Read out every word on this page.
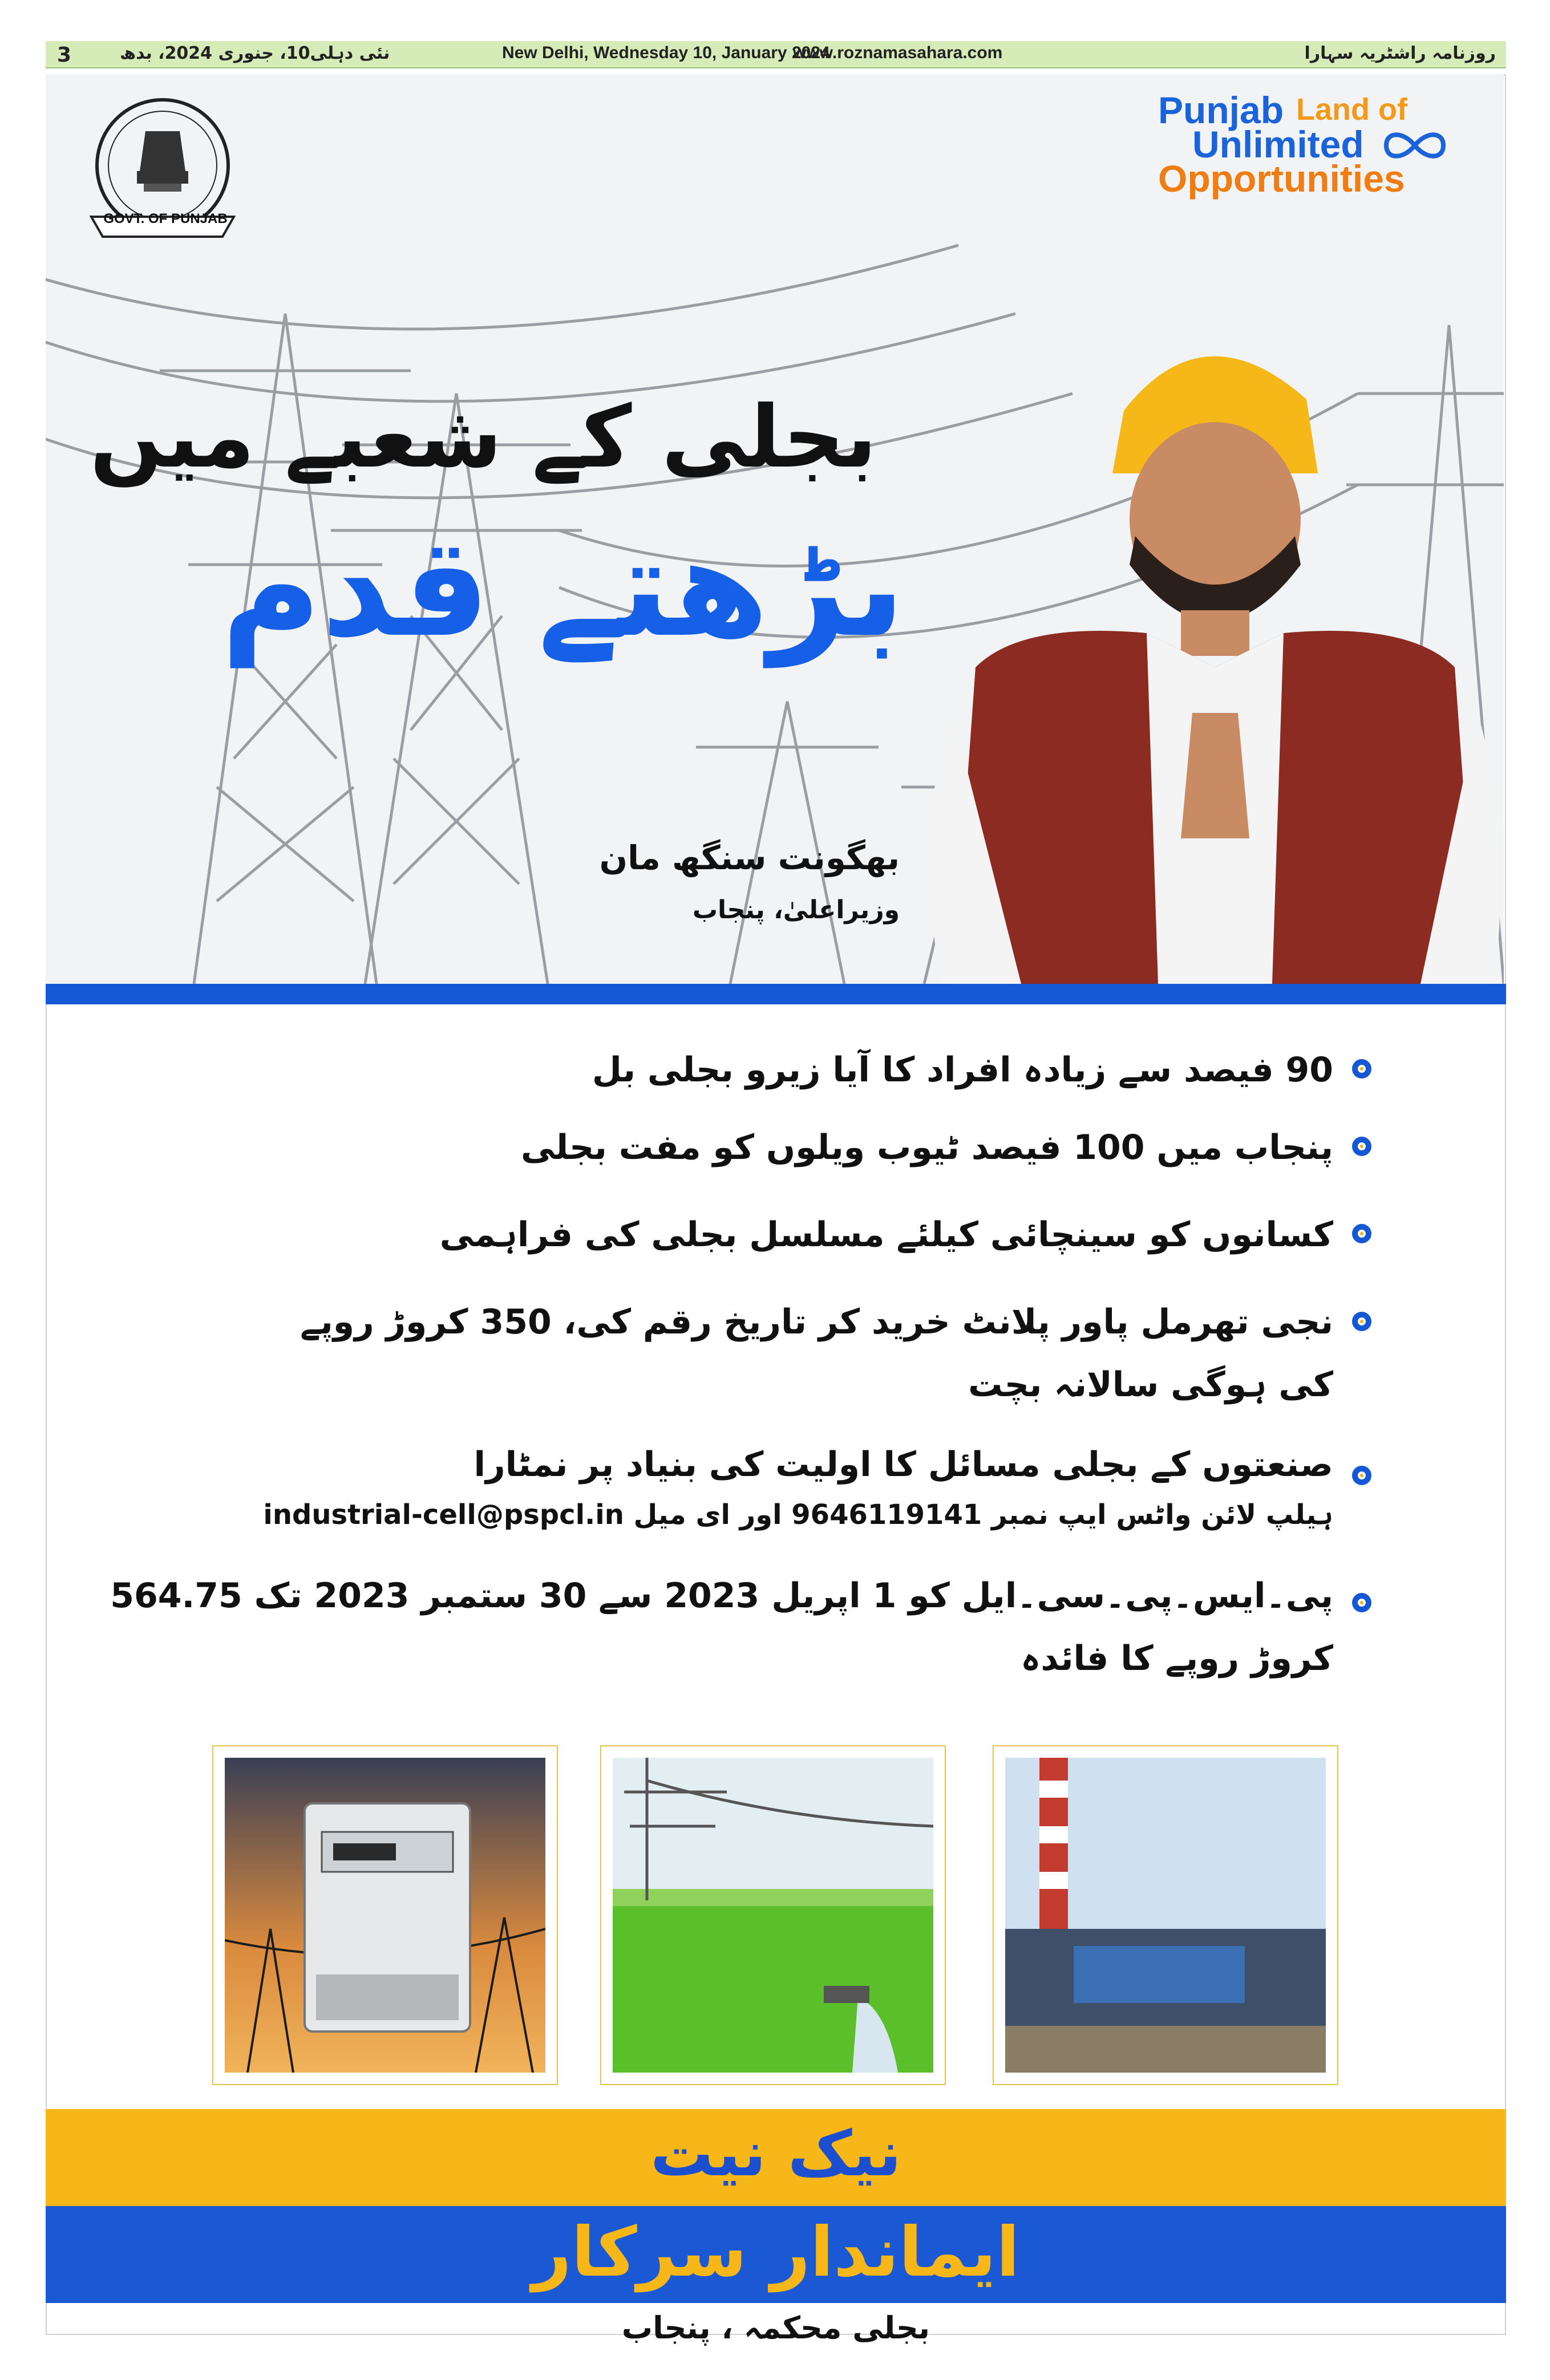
3	نئی دہلی10، جنوری 2024، بدھ	New Delhi, Wednesday 10, January 2024
www.roznamasahara.com	روزنامہ راشٹریہ سہارا
GOVT. OF PUNJAB
Punjab Land of
Unlimited
Opportunities
بجلی کے شعبے میں
بڑھتے قدم
بھگونت سنگھ مان
وزیراعلیٰ، پنجاب
90 فیصد سے زیادہ افراد کا آیا زیرو بجلی بل
پنجاب میں 100 فیصد ٹیوب ویلوں کو مفت بجلی
کسانوں کو سینچائی کیلئے مسلسل بجلی کی فراہمی
نجی تھرمل پاور پلانٹ خرید کر تاریخ رقم کی، 350 کروڑ روپے
کی ہوگی سالانہ بچت
صنعتوں کے بجلی مسائل کا اولیت کی بنیاد پر نمٹارا
ہیلپ لائن واٹس ایپ نمبر 9646119141 اور ای میل industrial-cell@pspcl.in
پی۔ایس۔پی۔سی۔ایل کو 1 اپریل 2023 سے 30 ستمبر 2023 تک 564.75
کروڑ روپے کا فائدہ
نیک نیت
ایماندار سرکار
بجلی محکمہ ، پنجاب
